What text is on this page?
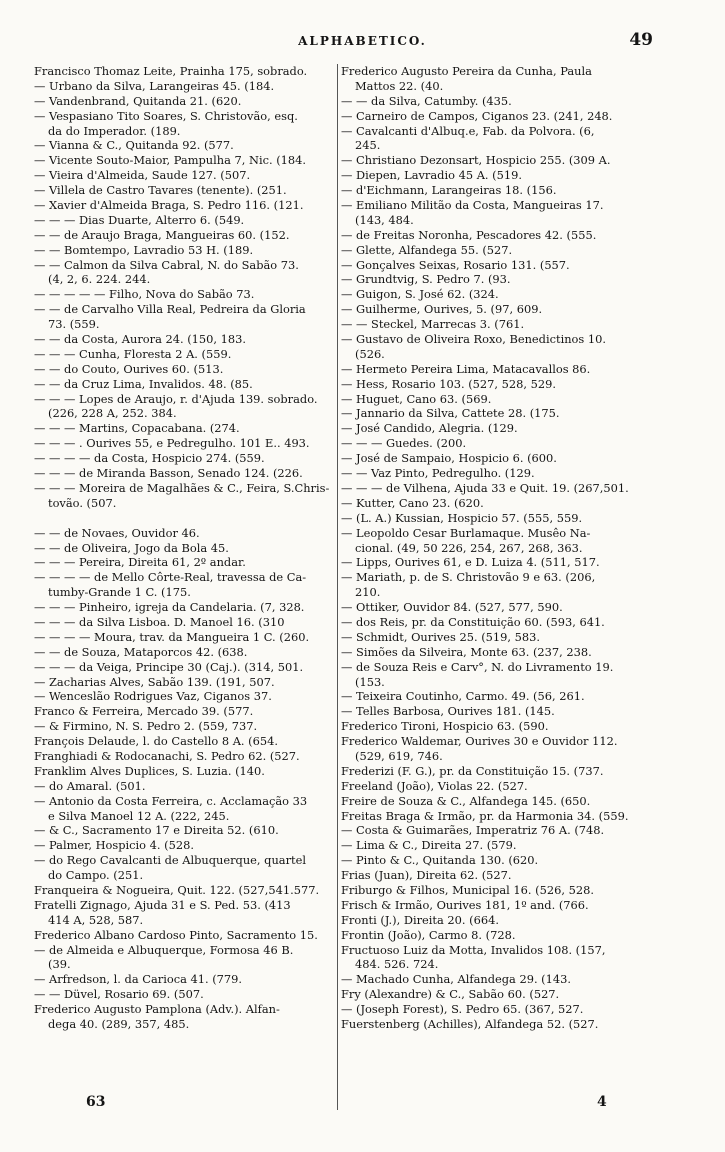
ALPHABETICO.	49
Francisco Thomaz Leite, Prainha 175, sobrado.
— Urbano da Silva, Larangeiras 45. (184.
— Vandenbrand, Quitanda 21. (620.
— Vespasiano Tito Soares, S. Christovão, esq.
da do Imperador. (189.
— Vianna & C., Quitanda 92. (577.
— Vicente Souto-Maior, Pampulha 7, Nic. (184.
— Vieira d'Almeida, Saude 127. (507.
— Villela de Castro Tavares (tenente). (251.
— Xavier d'Almeida Braga, S. Pedro 116. (121.
— — — Dias Duarte, Alterro 6. (549.
— — de Araujo Braga, Mangueiras 60. (152.
— — Bomtempo, Lavradio 53 H. (189.
— — Calmon da Silva Cabral, N. do Sabão 73.
(4, 2, 6. 224. 244.
— — — — — Filho, Nova do Sabão 73.
— — de Carvalho Villa Real, Pedreira da Gloria
73. (559.
— — da Costa, Aurora 24. (150, 183.
— — — Cunha, Floresta 2 A. (559.
— — do Couto, Ourives 60. (513.
— — da Cruz Lima, Invalidos. 48. (85.
— — — Lopes de Araujo, r. d'Ajuda 139. sobrado.
(226, 228 A, 252. 384.
— — — Martins, Copacabana. (274.
— — — . Ourives 55, e Pedregulho. 101 E.. 493.
— — — — da Costa, Hospicio 274. (559.
— — — de Miranda Basson, Senado 124. (226.
— — — Moreira de Magalhães & C., Feira, S.Chris-
tovão. (507.
— — de Novaes, Ouvidor 46.
— — de Oliveira, Jogo da Bola 45.
— — — Pereira, Direita 61, 2º andar.
— — — — de Mello Côrte-Real, travessa de Ca-
tumby-Grande 1 C. (175.
— — — Pinheiro, igreja da Candelaria. (7, 328.
— — — da Silva Lisboa. D. Manoel 16. (310
— — — — Moura, trav. da Mangueira 1 C. (260.
— — de Souza, Mataporcos 42. (638.
— — — da Veiga, Principe 30 (Caj.). (314, 501.
— Zacharias Alves, Sabão 139. (191, 507.
— Wenceslão Rodrigues Vaz, Ciganos 37.
Franco & Ferreira, Mercado 39. (577.
— & Firmino, N. S. Pedro 2. (559, 737.
François Delaude, l. do Castello 8 A. (654.
Franghiadi & Rodocanachi, S. Pedro 62. (527.
Franklim Alves Duplices, S. Luzia. (140.
— do Amaral. (501.
— Antonio da Costa Ferreira, c. Acclamação 33
e Silva Manoel 12 A. (222, 245.
— & C., Sacramento 17 e Direita 52. (610.
— Palmer, Hospicio 4. (528.
— do Rego Cavalcanti de Albuquerque, quartel
do Campo. (251.
Franqueira & Nogueira, Quit. 122. (527,541.577.
Fratelli Zignago, Ajuda 31 e S. Ped. 53. (413
414 A, 528, 587.
Frederico Albano Cardoso Pinto, Sacramento 15.
— de Almeida e Albuquerque, Formosa 46 B.
(39.
— Arfredson, l. da Carioca 41. (779.
— — Düvel, Rosario 69. (507.
Frederico Augusto Pamplona (Adv.). Alfan-
dega 40. (289, 357, 485.
Frederico Augusto Pereira da Cunha, Paula
Mattos 22. (40.
— — da Silva, Catumby. (435.
— Carneiro de Campos, Ciganos 23. (241, 248.
— Cavalcanti d'Albuq.e, Fab. da Polvora. (6,
245.
— Christiano Dezonsart, Hospicio 255. (309 A.
— Diepen, Lavradio 45 A. (519.
— d'Eichmann, Larangeiras 18. (156.
— Emiliano Militão da Costa, Mangueiras 17.
(143, 484.
— de Freitas Noronha, Pescadores 42. (555.
— Glette, Alfandega 55. (527.
— Gonçalves Seixas, Rosario 131. (557.
— Grundtvig, S. Pedro 7. (93.
— Guigon, S. José 62. (324.
— Guilherme, Ourives, 5. (97, 609.
— — Steckel, Marrecas 3. (761.
— Gustavo de Oliveira Roxo, Benedictinos 10.
(526.
— Hermeto Pereira Lima, Matacavallos 86.
— Hess, Rosario 103. (527, 528, 529.
— Huguet, Cano 63. (569.
— Jannario da Silva, Cattete 28. (175.
— José Candido, Alegria. (129.
— — — Guedes. (200.
— José de Sampaio, Hospicio 6. (600.
— — Vaz Pinto, Pedregulho. (129.
— — — de Vilhena, Ajuda 33 e Quit. 19. (267,501.
— Kutter, Cano 23. (620.
— (L. A.) Kussian, Hospicio 57. (555, 559.
— Leopoldo Cesar Burlamaque. Musêo Na-
cional. (49, 50 226, 254, 267, 268, 363.
— Lipps, Ourives 61, e D. Luiza 4. (511, 517.
— Mariath, p. de S. Christovão 9 e 63. (206,
210.
— Ottiker, Ouvidor 84. (527, 577, 590.
— dos Reis, pr. da Constituição 60. (593, 641.
— Schmidt, Ourives 25. (519, 583.
— Simões da Silveira, Monte 63. (237, 238.
— de Souza Reis e Carv°, N. do Livramento 19.
(153.
— Teixeira Coutinho, Carmo. 49. (56, 261.
— Telles Barbosa, Ourives 181. (145.
Frederico Tironi, Hospicio 63. (590.
Frederico Waldemar, Ourives 30 e Ouvidor 112.
(529, 619, 746.
Frederizi (F. G.), pr. da Constituição 15. (737.
Freeland (João), Violas 22. (527.
Freire de Souza & C., Alfandega 145. (650.
Freitas Braga & Irmão, pr. da Harmonia 34. (559.
— Costa & Guimarães, Imperatriz 76 A. (748.
— Lima & C., Direita 27. (579.
— Pinto & C., Quitanda 130. (620.
Frias (Juan), Direita 62. (527.
Friburgo & Filhos, Municipal 16. (526, 528.
Frisch & Irmão, Ourives 181, 1º and. (766.
Fronti (J.), Direita 20. (664.
Frontin (João), Carmo 8. (728.
Fructuoso Luiz da Motta, Invalidos 108. (157,
484. 526. 724.
— Machado Cunha, Alfandega 29. (143.
Fry (Alexandre) & C., Sabão 60. (527.
— (Joseph Forest), S. Pedro 65. (367, 527.
Fuerstenberg (Achilles), Alfandega 52. (527.
63	4
